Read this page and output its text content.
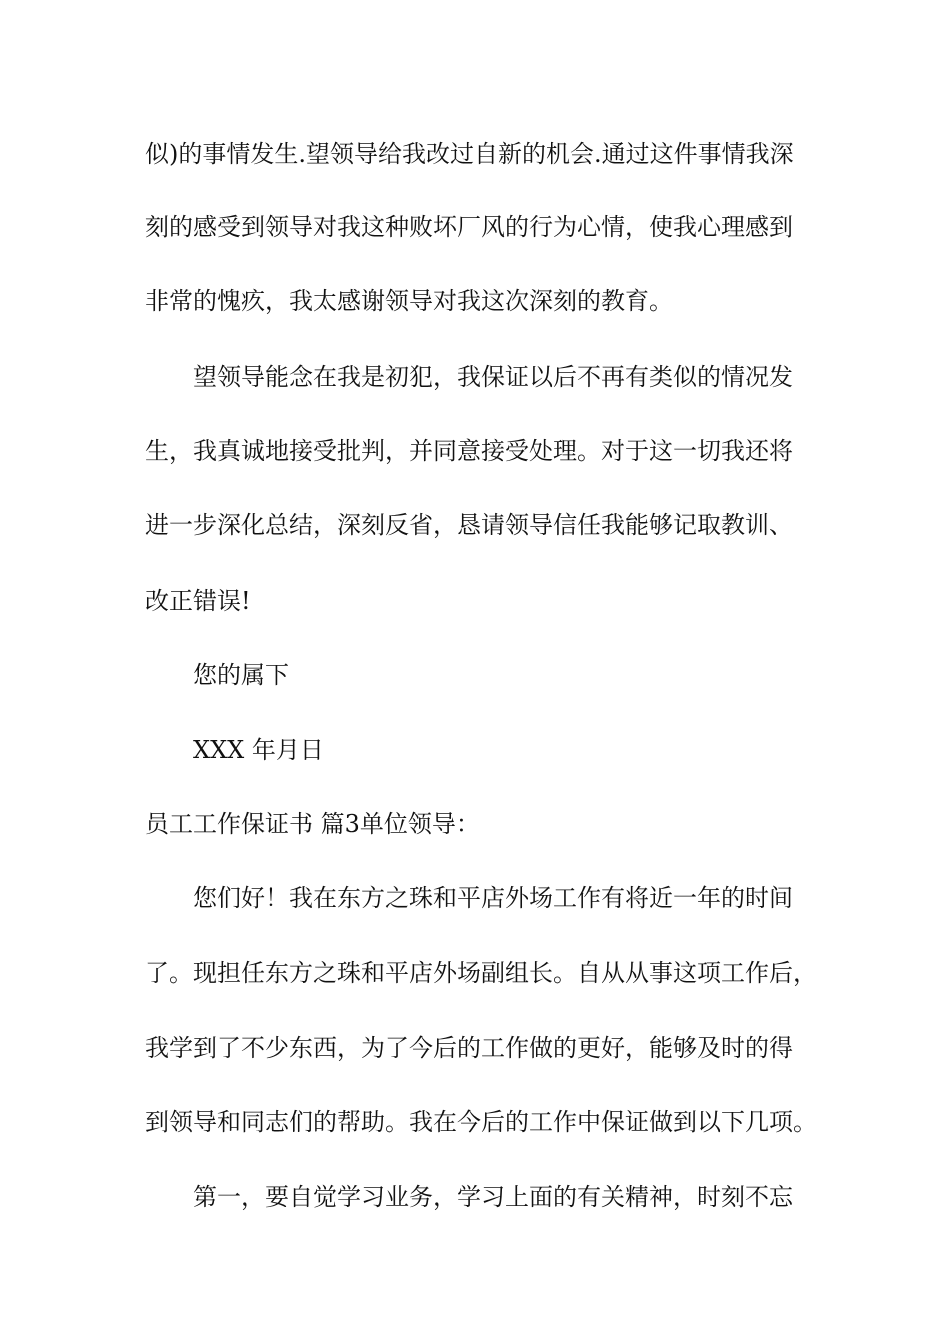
似)的事情发生.望领导给我改过自新的机会.通过这件事情我深
刻的感受到领导对我这种败坏厂风的行为心情，使我心理感到
非常的愧疚，我太感谢领导对我这次深刻的教育。
望领导能念在我是初犯，我保证以后不再有类似的情况发
生，我真诚地接受批判，并同意接受处理。对于这一切我还将
进一步深化总结，深刻反省，恳请领导信任我能够记取教训、
改正错误!
您的属下
XXX 年月日
员工工作保证书 篇3单位领导：
您们好！我在东方之珠和平店外场工作有将近一年的时间
了。现担任东方之珠和平店外场副组长。自从从事这项工作后，
我学到了不少东西，为了今后的工作做的更好，能够及时的得
到领导和同志们的帮助。我在今后的工作中保证做到以下几项。
第一，要自觉学习业务，学习上面的有关精神，时刻不忘
